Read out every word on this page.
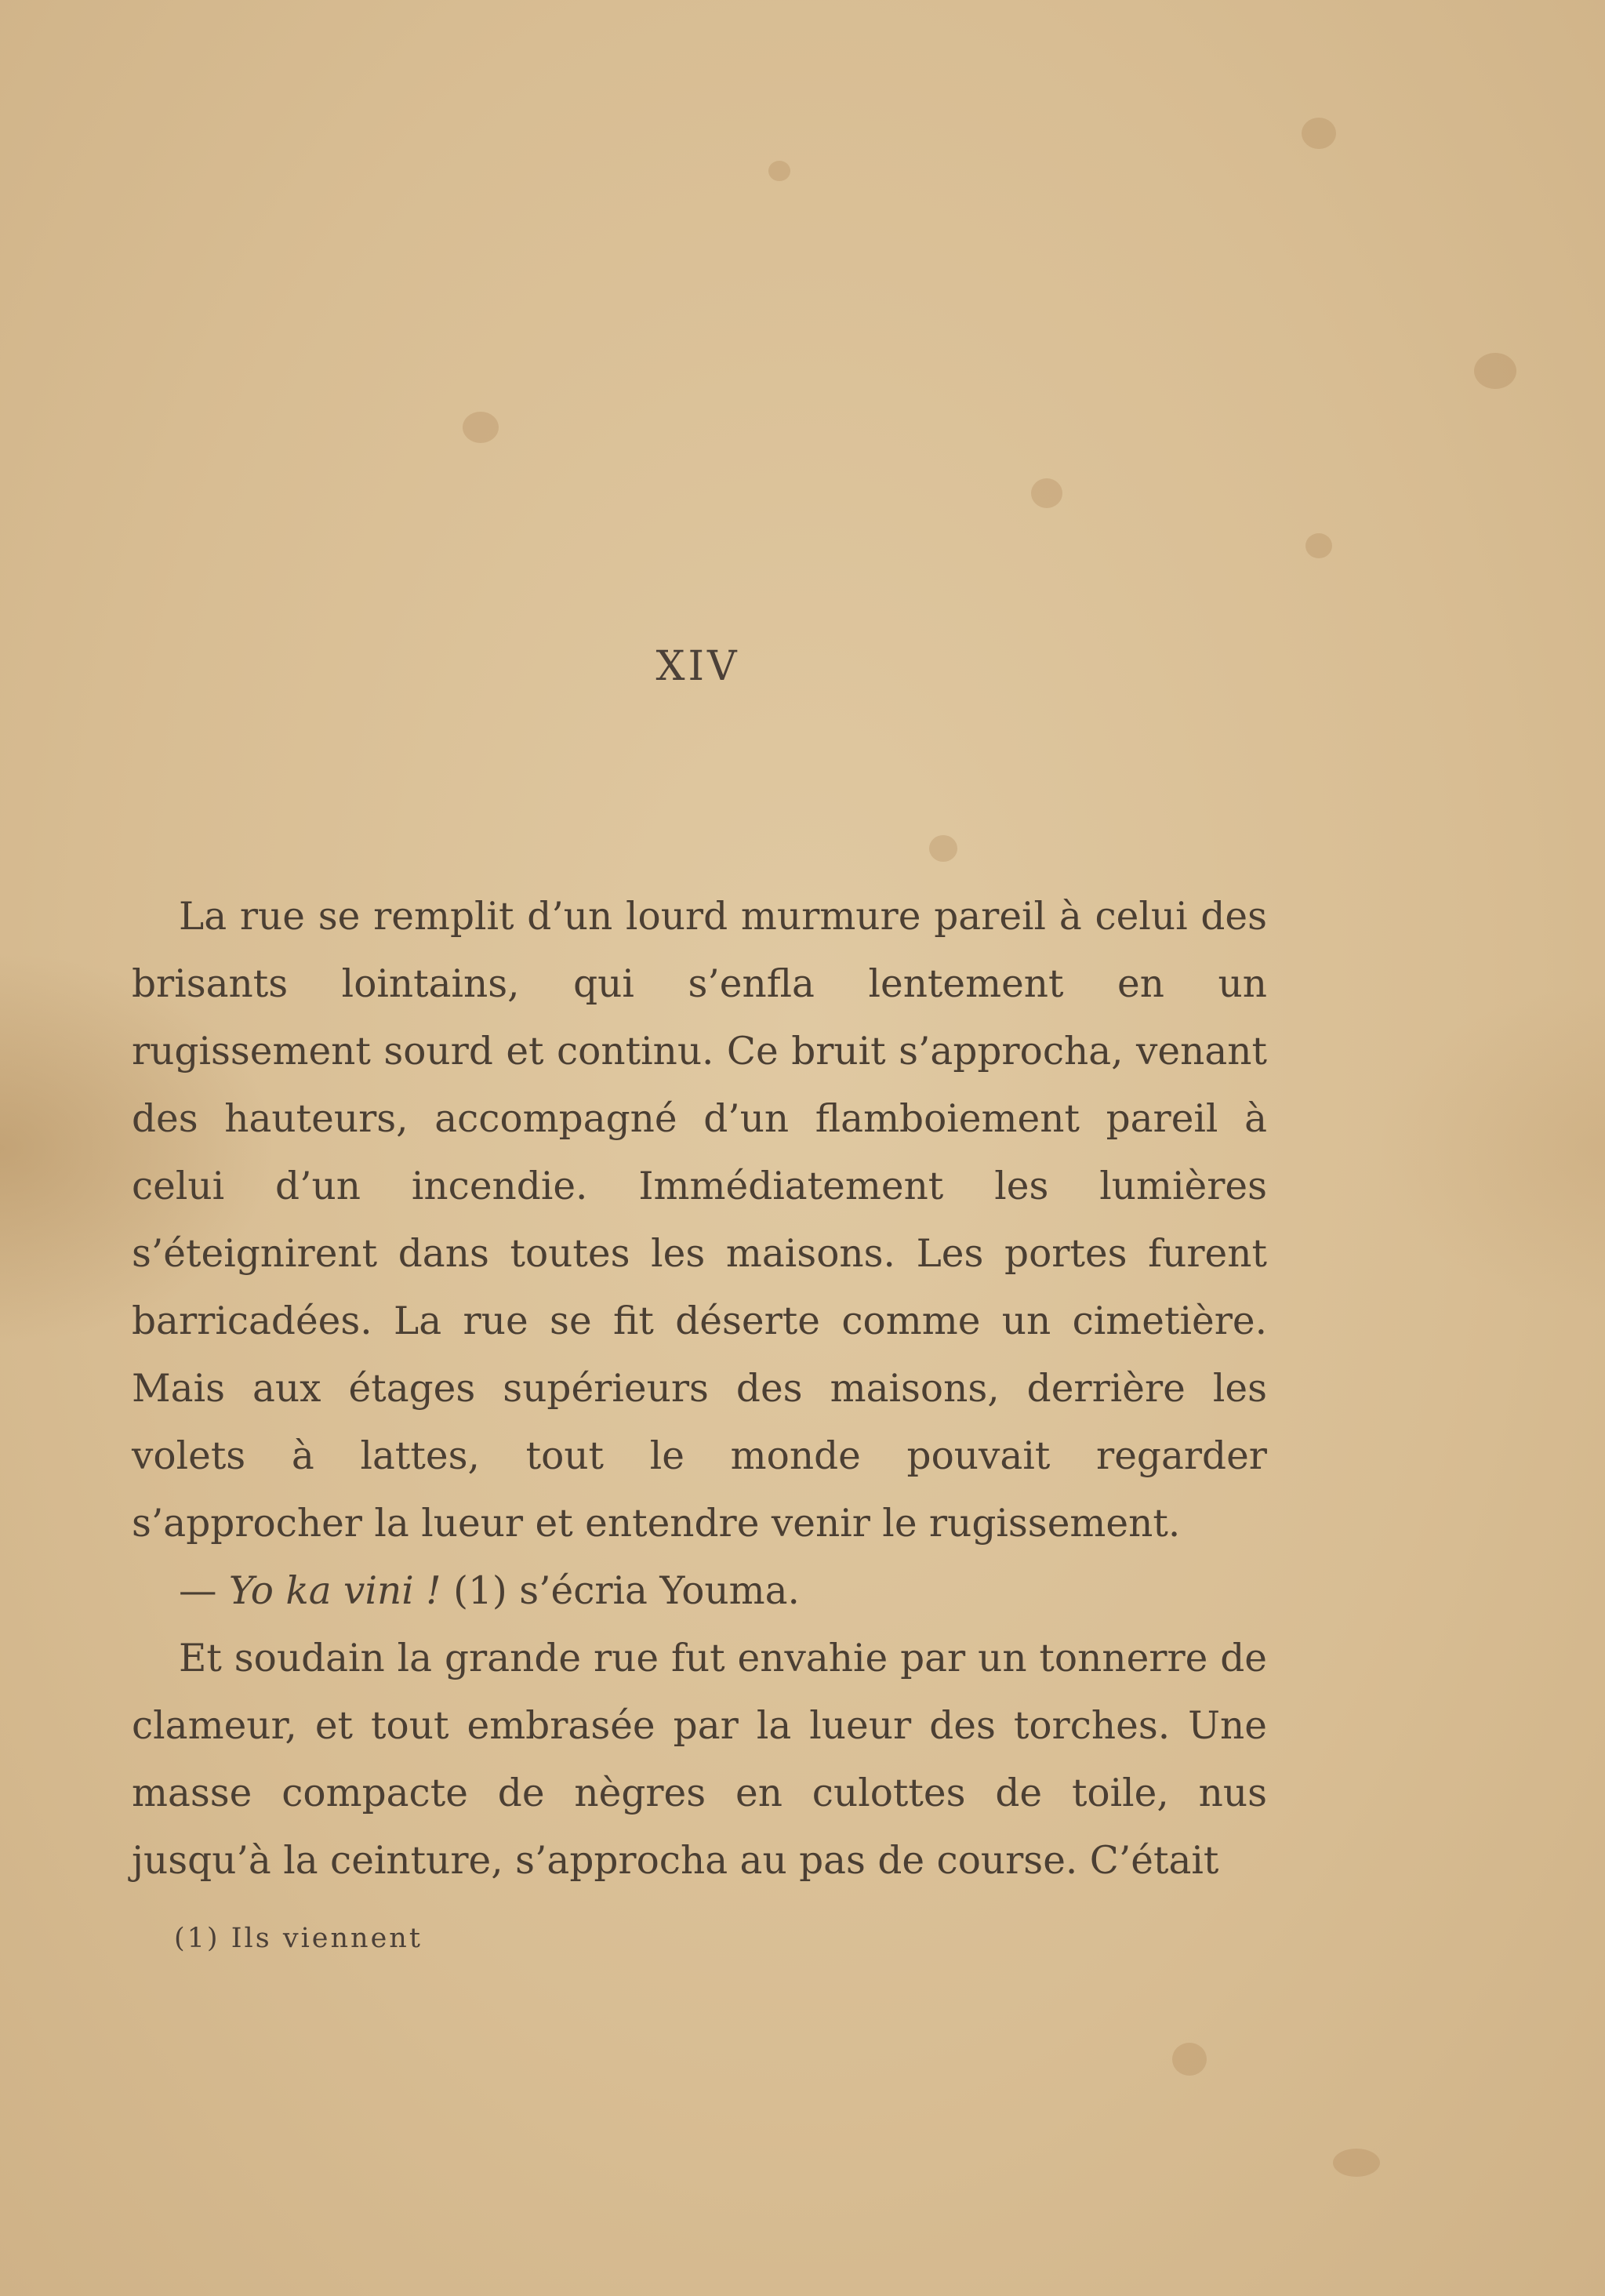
XIV

La rue se remplit d’un lourd murmure pareil à celui des brisants lointains, qui s’enfla lentement en un rugissement sourd et continu. Ce bruit s’approcha, venant des hauteurs, accompagné d’un flamboiement pareil à celui d’un incendie. Immédiatement les lumières s’éteignirent dans toutes les maisons. Les portes furent barricadées. La rue se fit déserte comme un cimetière. Mais aux étages supérieurs des maisons, derrière les volets à lattes, tout le monde pouvait regarder s’approcher la lueur et entendre venir le rugissement.

— Yo ka vini ! (1) s’écria Youma.

Et soudain la grande rue fut envahie par un tonnerre de clameur, et tout embrasée par la lueur des torches. Une masse compacte de nègres en culottes de toile, nus jusqu’à la ceinture, s’approcha au pas de course. C’était

(1) Ils viennent
